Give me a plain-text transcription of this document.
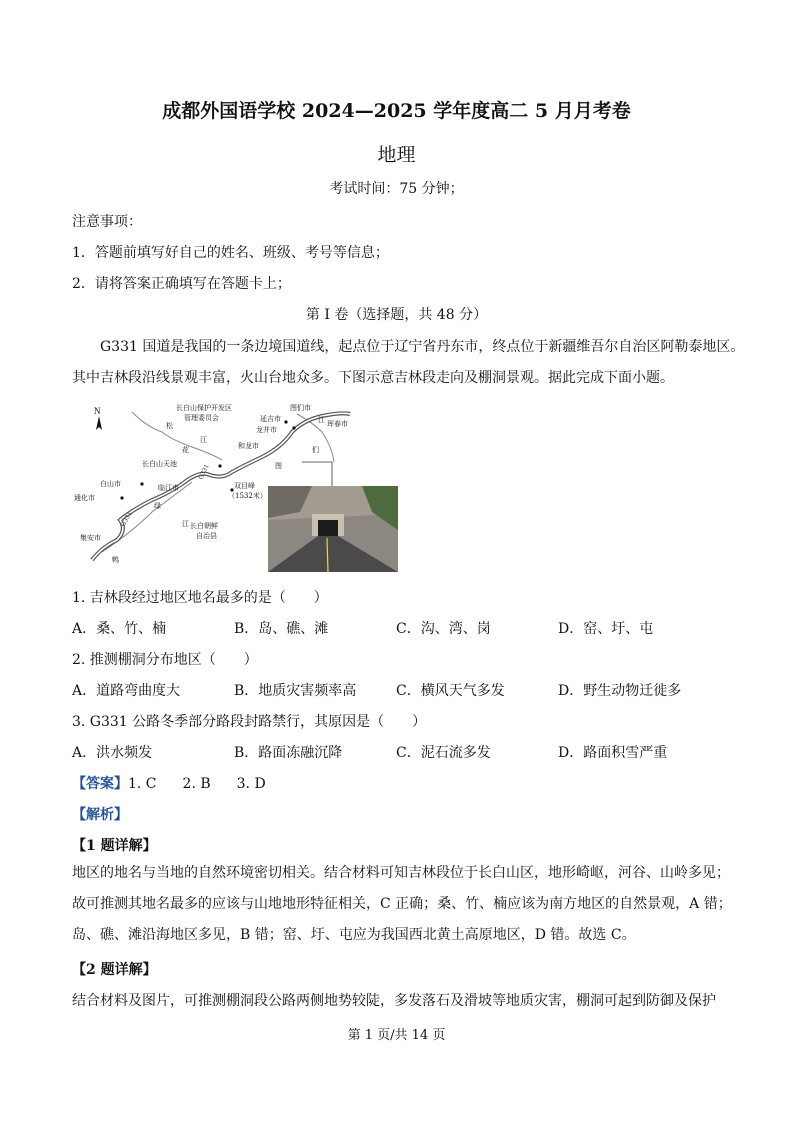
成都外国语学校 2024—2025 学年度高二 5 月月考卷
地理
考试时间：75 分钟；
注意事项：
1．答题前填写好自己的姓名、班级、考号等信息；
2．请将答案正确填写在答题卡上；
第 I 卷（选择题，共 48 分）
G331 国道是我国的一条边境国道线，起点位于辽宁省丹东市，终点位于新疆维吾尔自治区阿勒泰地区。
其中吉林段沿线景观丰富，火山台地众多。下图示意吉林段走向及棚洞景观。据此完成下面小题。
N	长白山保护开发区
管理委员会
图们市
延吉市
龙井市
和龙市
珲春市
长白山天池
白山市	临江市
通化市
集安市
双目峰
（1532米）
长白朝鲜
自治县
图
松
花
江
绿
江
鸭
江
们
G331
G331
1. 吉林段经过地区地名最多的是（　　）
A．桑、竹、楠	B．岛、礁、滩	C．沟、湾、岗	D．窑、圩、屯
2. 推测棚洞分布地区（　　）
A．道路弯曲度大	B．地质灾害频率高	C．横风天气多发	D．野生动物迁徙多
3. G331 公路冬季部分路段封路禁行，其原因是（　　）
A．洪水频发	B．路面冻融沉降	C．泥石流多发	D．路面积雪严重
【答案】1. C 2. B 3. D
【解析】
【1 题详解】
地区的地名与当地的自然环境密切相关。结合材料可知吉林段位于长白山区，地形崎岖，河谷、山岭多见；故可推测其地名最多的应该与山地地形特征相关，C 正确；桑、竹、楠应该为南方地区的自然景观，A 错；岛、礁、滩沿海地区多见，B 错；窑、圩、屯应为我国西北黄土高原地区，D 错。故选 C。
【2 题详解】
结合材料及图片，可推测棚洞段公路两侧地势较陡，多发落石及滑坡等地质灾害，棚洞可起到防御及保护
第 1 页/共 14 页
